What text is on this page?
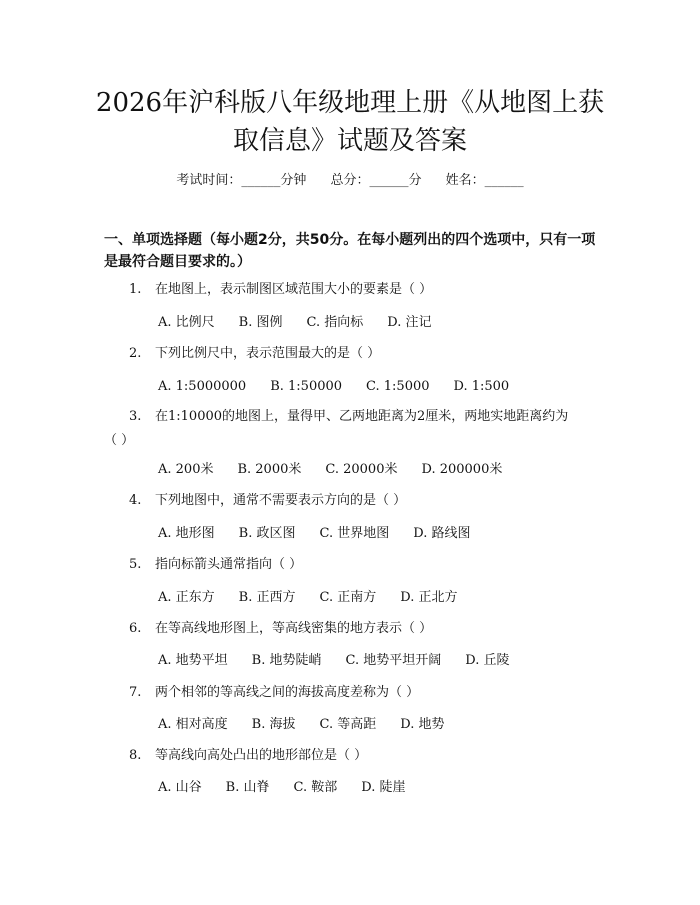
2026年沪科版八年级地理上册《从地图上获
取信息》试题及答案
考试时间：______分钟 总分：______分 姓名：______
一、单项选择题（每小题2分，共50分。在每小题列出的四个选项中，只有一项是最符合题目要求的。）
1. 在地图上，表示制图区域范围大小的要素是（ ）
A. 比例尺 B. 图例 C. 指向标 D. 注记
2. 下列比例尺中，表示范围最大的是（ ）
A. 1:5000000 B. 1:50000 C. 1:5000 D. 1:500
3. 在1:10000的地图上，量得甲、乙两地距离为2厘米，两地实地距离约为
（ ）
A. 200米 B. 2000米 C. 20000米 D. 200000米
4. 下列地图中，通常不需要表示方向的是（ ）
A. 地形图 B. 政区图 C. 世界地图 D. 路线图
5. 指向标箭头通常指向（ ）
A. 正东方 B. 正西方 C. 正南方 D. 正北方
6. 在等高线地形图上，等高线密集的地方表示（ ）
A. 地势平坦 B. 地势陡峭 C. 地势平坦开阔 D. 丘陵
7. 两个相邻的等高线之间的海拔高度差称为（ ）
A. 相对高度 B. 海拔 C. 等高距 D. 地势
8. 等高线向高处凸出的地形部位是（ ）
A. 山谷 B. 山脊 C. 鞍部 D. 陡崖
